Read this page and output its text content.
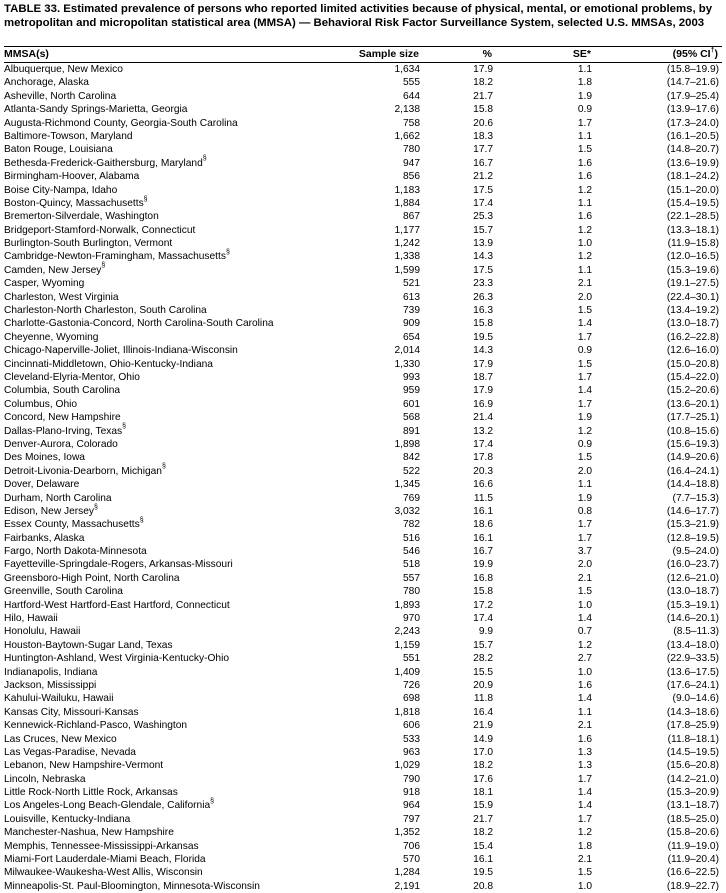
TABLE 33. Estimated prevalence of persons who reported limited activities because of physical, mental, or emotional problems, by metropolitan and micropolitan statistical area (MMSA) — Behavioral Risk Factor Surveillance System, selected U.S. MMSAs, 2003
MMSA(s)	Sample size	%	SE*	(95% CI†)
Albuquerque, New Mexico	1,634	17.9	1.1	(15.8–19.9)
Anchorage, Alaska	555	18.2	1.8	(14.7–21.6)
Asheville, North Carolina	644	21.7	1.9	(17.9–25.4)
Atlanta-Sandy Springs-Marietta, Georgia	2,138	15.8	0.9	(13.9–17.6)
Augusta-Richmond County, Georgia-South Carolina	758	20.6	1.7	(17.3–24.0)
Baltimore-Towson, Maryland	1,662	18.3	1.1	(16.1–20.5)
Baton Rouge, Louisiana	780	17.7	1.5	(14.8–20.7)
Bethesda-Frederick-Gaithersburg, Maryland§	947	16.7	1.6	(13.6–19.9)
Birmingham-Hoover, Alabama	856	21.2	1.6	(18.1–24.2)
Boise City-Nampa, Idaho	1,183	17.5	1.2	(15.1–20.0)
Boston-Quincy, Massachusetts§	1,884	17.4	1.1	(15.4–19.5)
Bremerton-Silverdale, Washington	867	25.3	1.6	(22.1–28.5)
Bridgeport-Stamford-Norwalk, Connecticut	1,177	15.7	1.2	(13.3–18.1)
Burlington-South Burlington, Vermont	1,242	13.9	1.0	(11.9–15.8)
Cambridge-Newton-Framingham, Massachusetts§	1,338	14.3	1.2	(12.0–16.5)
Camden, New Jersey§	1,599	17.5	1.1	(15.3–19.6)
Casper, Wyoming	521	23.3	2.1	(19.1–27.5)
Charleston, West Virginia	613	26.3	2.0	(22.4–30.1)
Charleston-North Charleston, South Carolina	739	16.3	1.5	(13.4–19.2)
Charlotte-Gastonia-Concord, North Carolina-South Carolina	909	15.8	1.4	(13.0–18.7)
Cheyenne, Wyoming	654	19.5	1.7	(16.2–22.8)
Chicago-Naperville-Joliet, Illinois-Indiana-Wisconsin	2,014	14.3	0.9	(12.6–16.0)
Cincinnati-Middletown, Ohio-Kentucky-Indiana	1,330	17.9	1.5	(15.0–20.8)
Cleveland-Elyria-Mentor, Ohio	993	18.7	1.7	(15.4–22.0)
Columbia, South Carolina	959	17.9	1.4	(15.2–20.6)
Columbus, Ohio	601	16.9	1.7	(13.6–20.1)
Concord, New Hampshire	568	21.4	1.9	(17.7–25.1)
Dallas-Plano-Irving, Texas§	891	13.2	1.2	(10.8–15.6)
Denver-Aurora, Colorado	1,898	17.4	0.9	(15.6–19.3)
Des Moines, Iowa	842	17.8	1.5	(14.9–20.6)
Detroit-Livonia-Dearborn, Michigan§	522	20.3	2.0	(16.4–24.1)
Dover, Delaware	1,345	16.6	1.1	(14.4–18.8)
Durham, North Carolina	769	11.5	1.9	(7.7–15.3)
Edison, New Jersey§	3,032	16.1	0.8	(14.6–17.7)
Essex County, Massachusetts§	782	18.6	1.7	(15.3–21.9)
Fairbanks, Alaska	516	16.1	1.7	(12.8–19.5)
Fargo, North Dakota-Minnesota	546	16.7	3.7	(9.5–24.0)
Fayetteville-Springdale-Rogers, Arkansas-Missouri	518	19.9	2.0	(16.0–23.7)
Greensboro-High Point, North Carolina	557	16.8	2.1	(12.6–21.0)
Greenville, South Carolina	780	15.8	1.5	(13.0–18.7)
Hartford-West Hartford-East Hartford, Connecticut	1,893	17.2	1.0	(15.3–19.1)
Hilo, Hawaii	970	17.4	1.4	(14.6–20.1)
Honolulu, Hawaii	2,243	9.9	0.7	(8.5–11.3)
Houston-Baytown-Sugar Land, Texas	1,159	15.7	1.2	(13.4–18.0)
Huntington-Ashland, West Virginia-Kentucky-Ohio	551	28.2	2.7	(22.9–33.5)
Indianapolis, Indiana	1,409	15.5	1.0	(13.6–17.5)
Jackson, Mississippi	726	20.9	1.6	(17.6–24.1)
Kahului-Wailuku, Hawaii	698	11.8	1.4	(9.0–14.6)
Kansas City, Missouri-Kansas	1,818	16.4	1.1	(14.3–18.6)
Kennewick-Richland-Pasco, Washington	606	21.9	2.1	(17.8–25.9)
Las Cruces, New Mexico	533	14.9	1.6	(11.8–18.1)
Las Vegas-Paradise, Nevada	963	17.0	1.3	(14.5–19.5)
Lebanon, New Hampshire-Vermont	1,029	18.2	1.3	(15.6–20.8)
Lincoln, Nebraska	790	17.6	1.7	(14.2–21.0)
Little Rock-North Little Rock, Arkansas	918	18.1	1.4	(15.3–20.9)
Los Angeles-Long Beach-Glendale, California§	964	15.9	1.4	(13.1–18.7)
Louisville, Kentucky-Indiana	797	21.7	1.7	(18.5–25.0)
Manchester-Nashua, New Hampshire	1,352	18.2	1.2	(15.8–20.6)
Memphis, Tennessee-Mississippi-Arkansas	706	15.4	1.8	(11.9–19.0)
Miami-Fort Lauderdale-Miami Beach, Florida	570	16.1	2.1	(11.9–20.4)
Milwaukee-Waukesha-West Allis, Wisconsin	1,284	19.5	1.5	(16.6–22.5)
Minneapolis-St. Paul-Bloomington, Minnesota-Wisconsin	2,191	20.8	1.0	(18.9–22.7)
